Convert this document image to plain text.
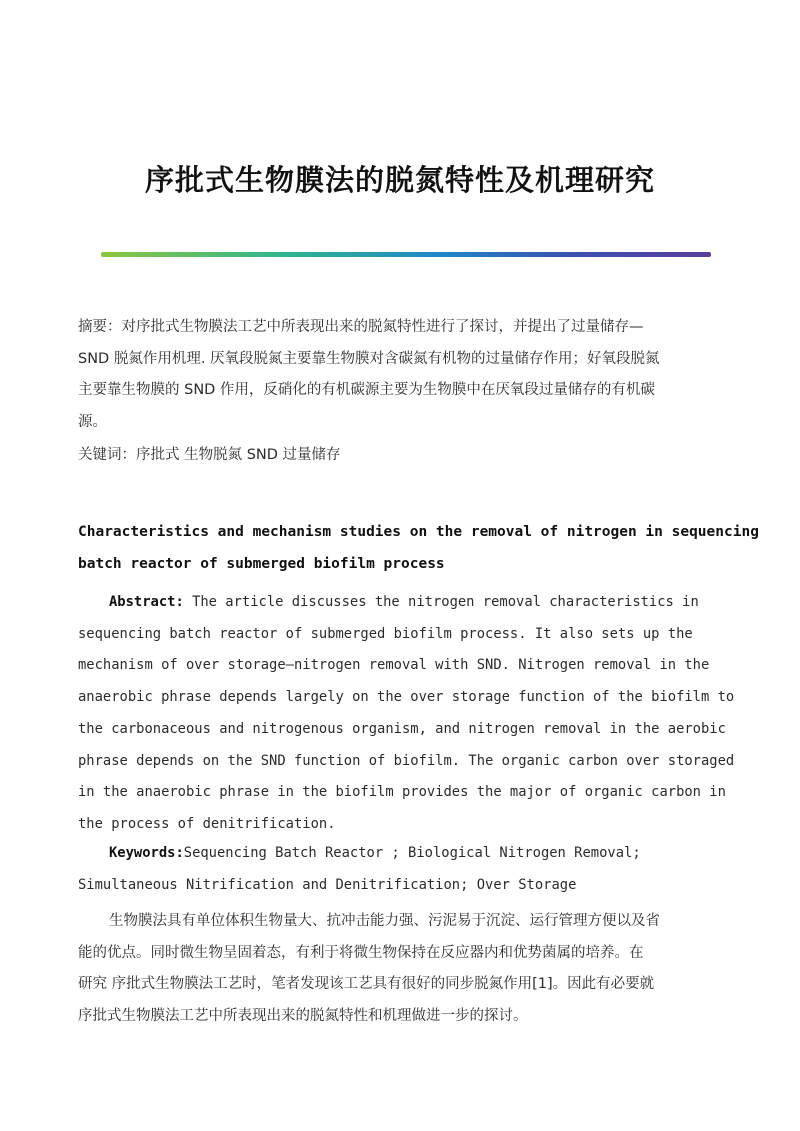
序批式生物膜法的脱氮特性及机理研究
摘要：对序批式生物膜法工艺中所表现出来的脱氮特性进行了探讨，并提出了过量储存—
SND 脱氮作用机理. 厌氧段脱氮主要靠生物膜对含碳氮有机物的过量储存作用；好氧段脱氮
主要靠生物膜的 SND 作用，反硝化的有机碳源主要为生物膜中在厌氧段过量储存的有机碳
源。
关键词：序批式 生物脱氮 SND 过量储存
Characteristics and mechanism studies on the removal of nitrogen in sequencing
batch reactor of submerged biofilm process
Abstract: The article discusses the nitrogen removal characteristics in
sequencing batch reactor of submerged biofilm process. It also sets up the
mechanism of over storage—nitrogen removal with SND. Nitrogen removal in the
anaerobic phrase depends largely on the over storage function of the biofilm to
the carbonaceous and nitrogenous organism, and nitrogen removal in the aerobic
phrase depends on the SND function of biofilm. The organic carbon over storaged
in the anaerobic phrase in the biofilm provides the major of organic carbon in
the process of denitrification.
Keywords:Sequencing Batch Reactor ; Biological Nitrogen Removal;
Simultaneous Nitrification and Denitrification; Over Storage
生物膜法具有单位体积生物量大、抗冲击能力强、污泥易于沉淀、运行管理方便以及省
能的优点。同时微生物呈固着态，有利于将微生物保持在反应器内和优势菌属的培养。在
研究 序批式生物膜法工艺时，笔者发现该工艺具有很好的同步脱氮作用[1]。因此有必要就
序批式生物膜法工艺中所表现出来的脱氮特性和机理做进一步的探讨。
